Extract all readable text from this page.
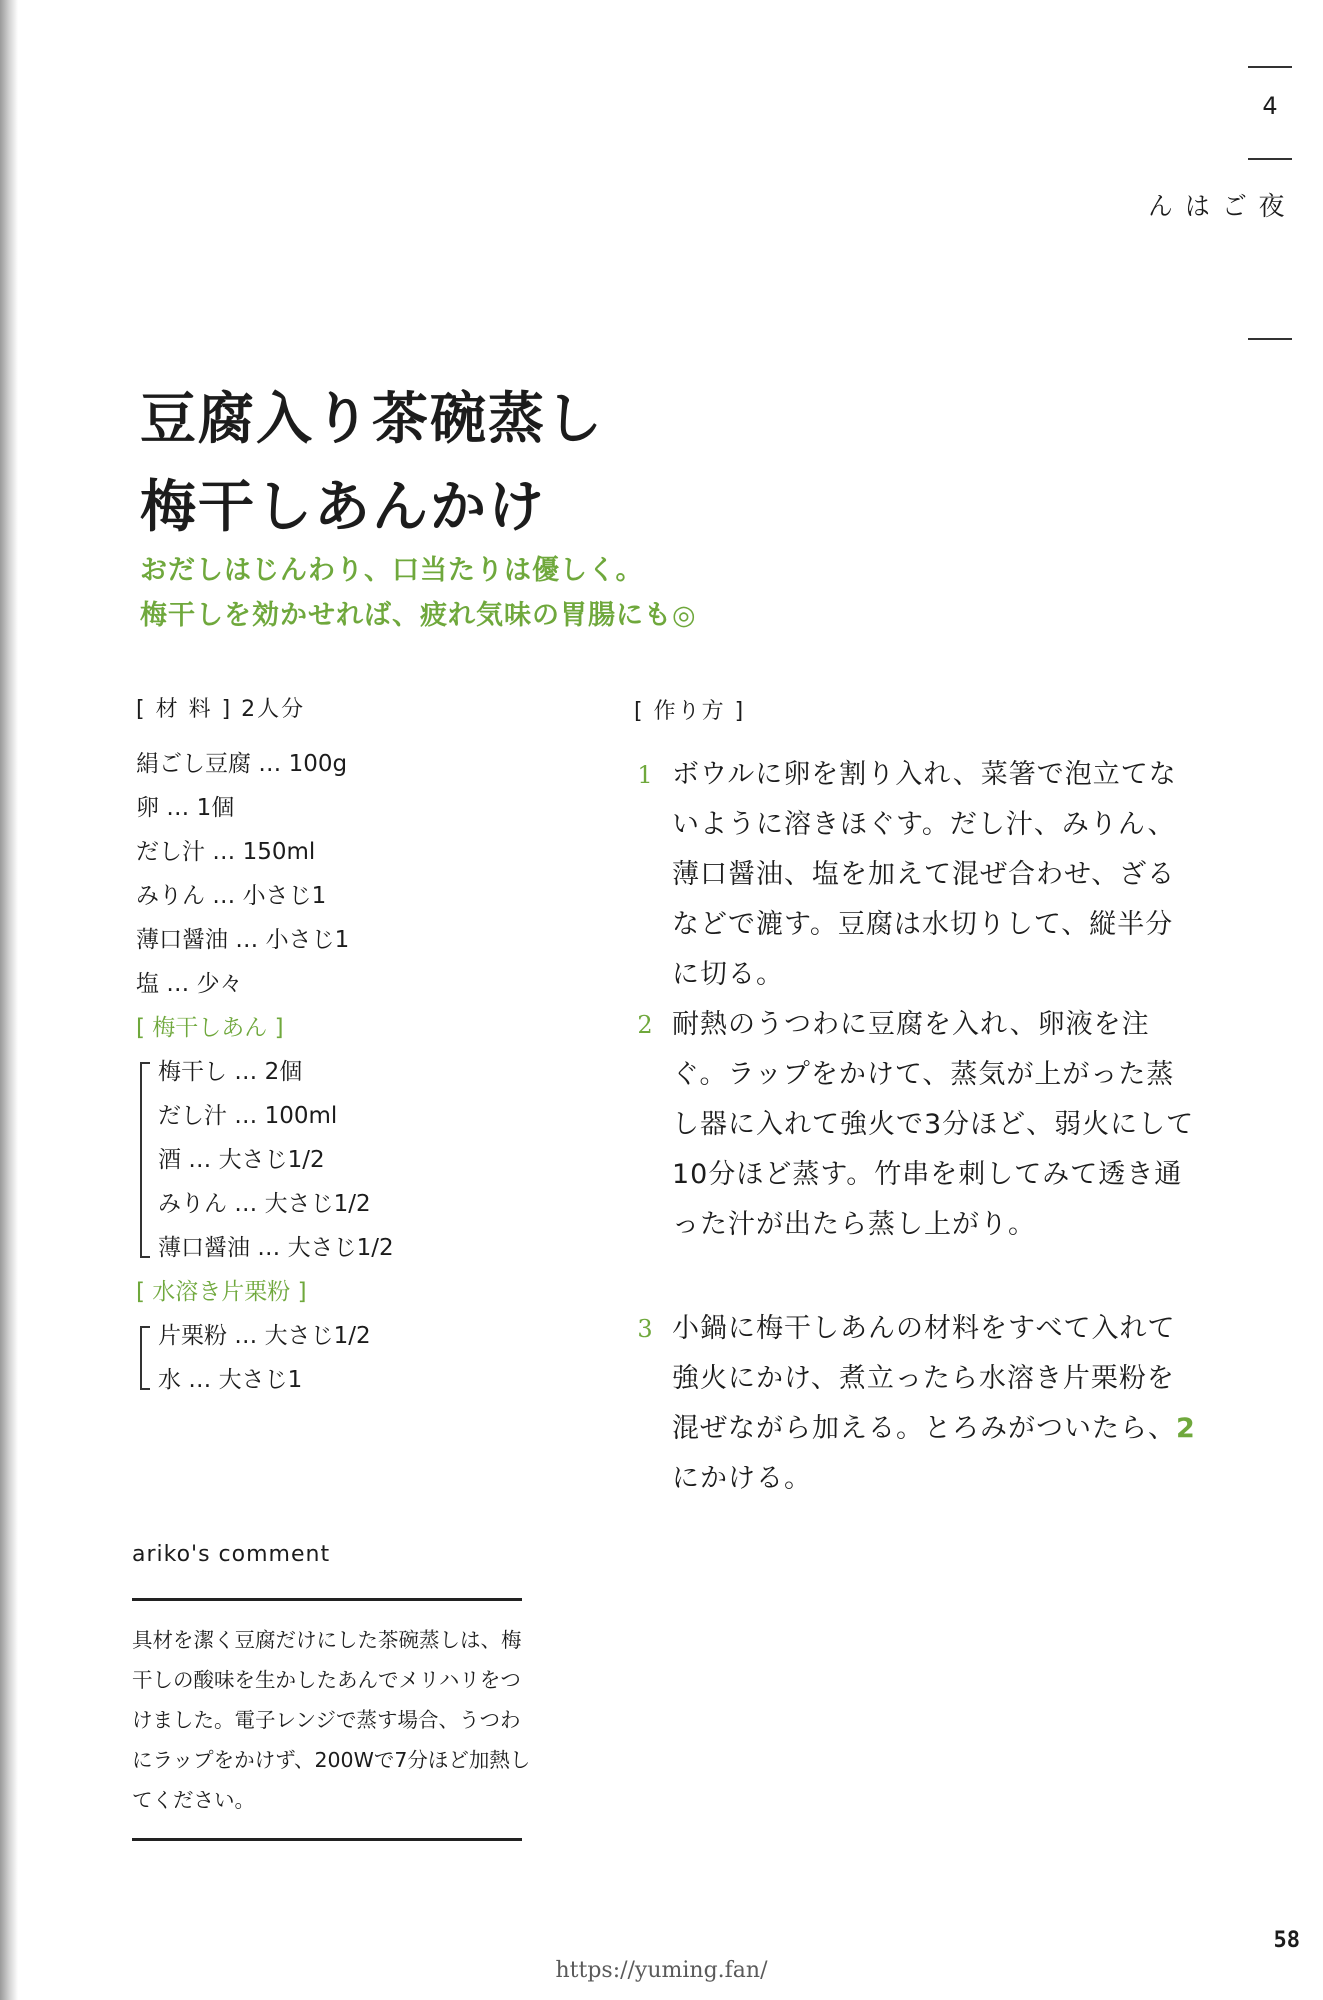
4
夜ごはん
豆腐入り茶碗蒸し
梅干しあんかけ
おだしはじんわり、口当たりは優しく。
梅干しを効かせれば、疲れ気味の胃腸にも◎
[ 材 料 ] 2人分
絹ごし豆腐 … 100g
卵 … 1個
だし汁 … 150ml
みりん … 小さじ1
薄口醤油 … 小さじ1
塩 … 少々
[ 梅干しあん ]
梅干し … 2個
だし汁 … 100ml
酒 … 大さじ1/2
みりん … 大さじ1/2
薄口醤油 … 大さじ1/2
[ 水溶き片栗粉 ]
片栗粉 … 大さじ1/2
水 … 大さじ1
[ 作り方 ]
1 ボウルに卵を割り入れ、菜箸で泡立てないように溶きほぐす。だし汁、みりん、薄口醤油、塩を加えて混ぜ合わせ、ざるなどで漉す。豆腐は水切りして、縦半分に切る。
2 耐熱のうつわに豆腐を入れ、卵液を注ぐ。ラップをかけて、蒸気が上がった蒸し器に入れて強火で3分ほど、弱火にして10分ほど蒸す。竹串を刺してみて透き通った汁が出たら蒸し上がり。
3 小鍋に梅干しあんの材料をすべて入れて強火にかけ、煮立ったら水溶き片栗粉を混ぜながら加える。とろみがついたら、2にかける。
ariko's comment
具材を潔く豆腐だけにした茶碗蒸しは、梅干しの酸味を生かしたあんでメリハリをつけました。電子レンジで蒸す場合、うつわにラップをかけず、200Wで7分ほど加熱してください。
58
https://yuming.fan/
